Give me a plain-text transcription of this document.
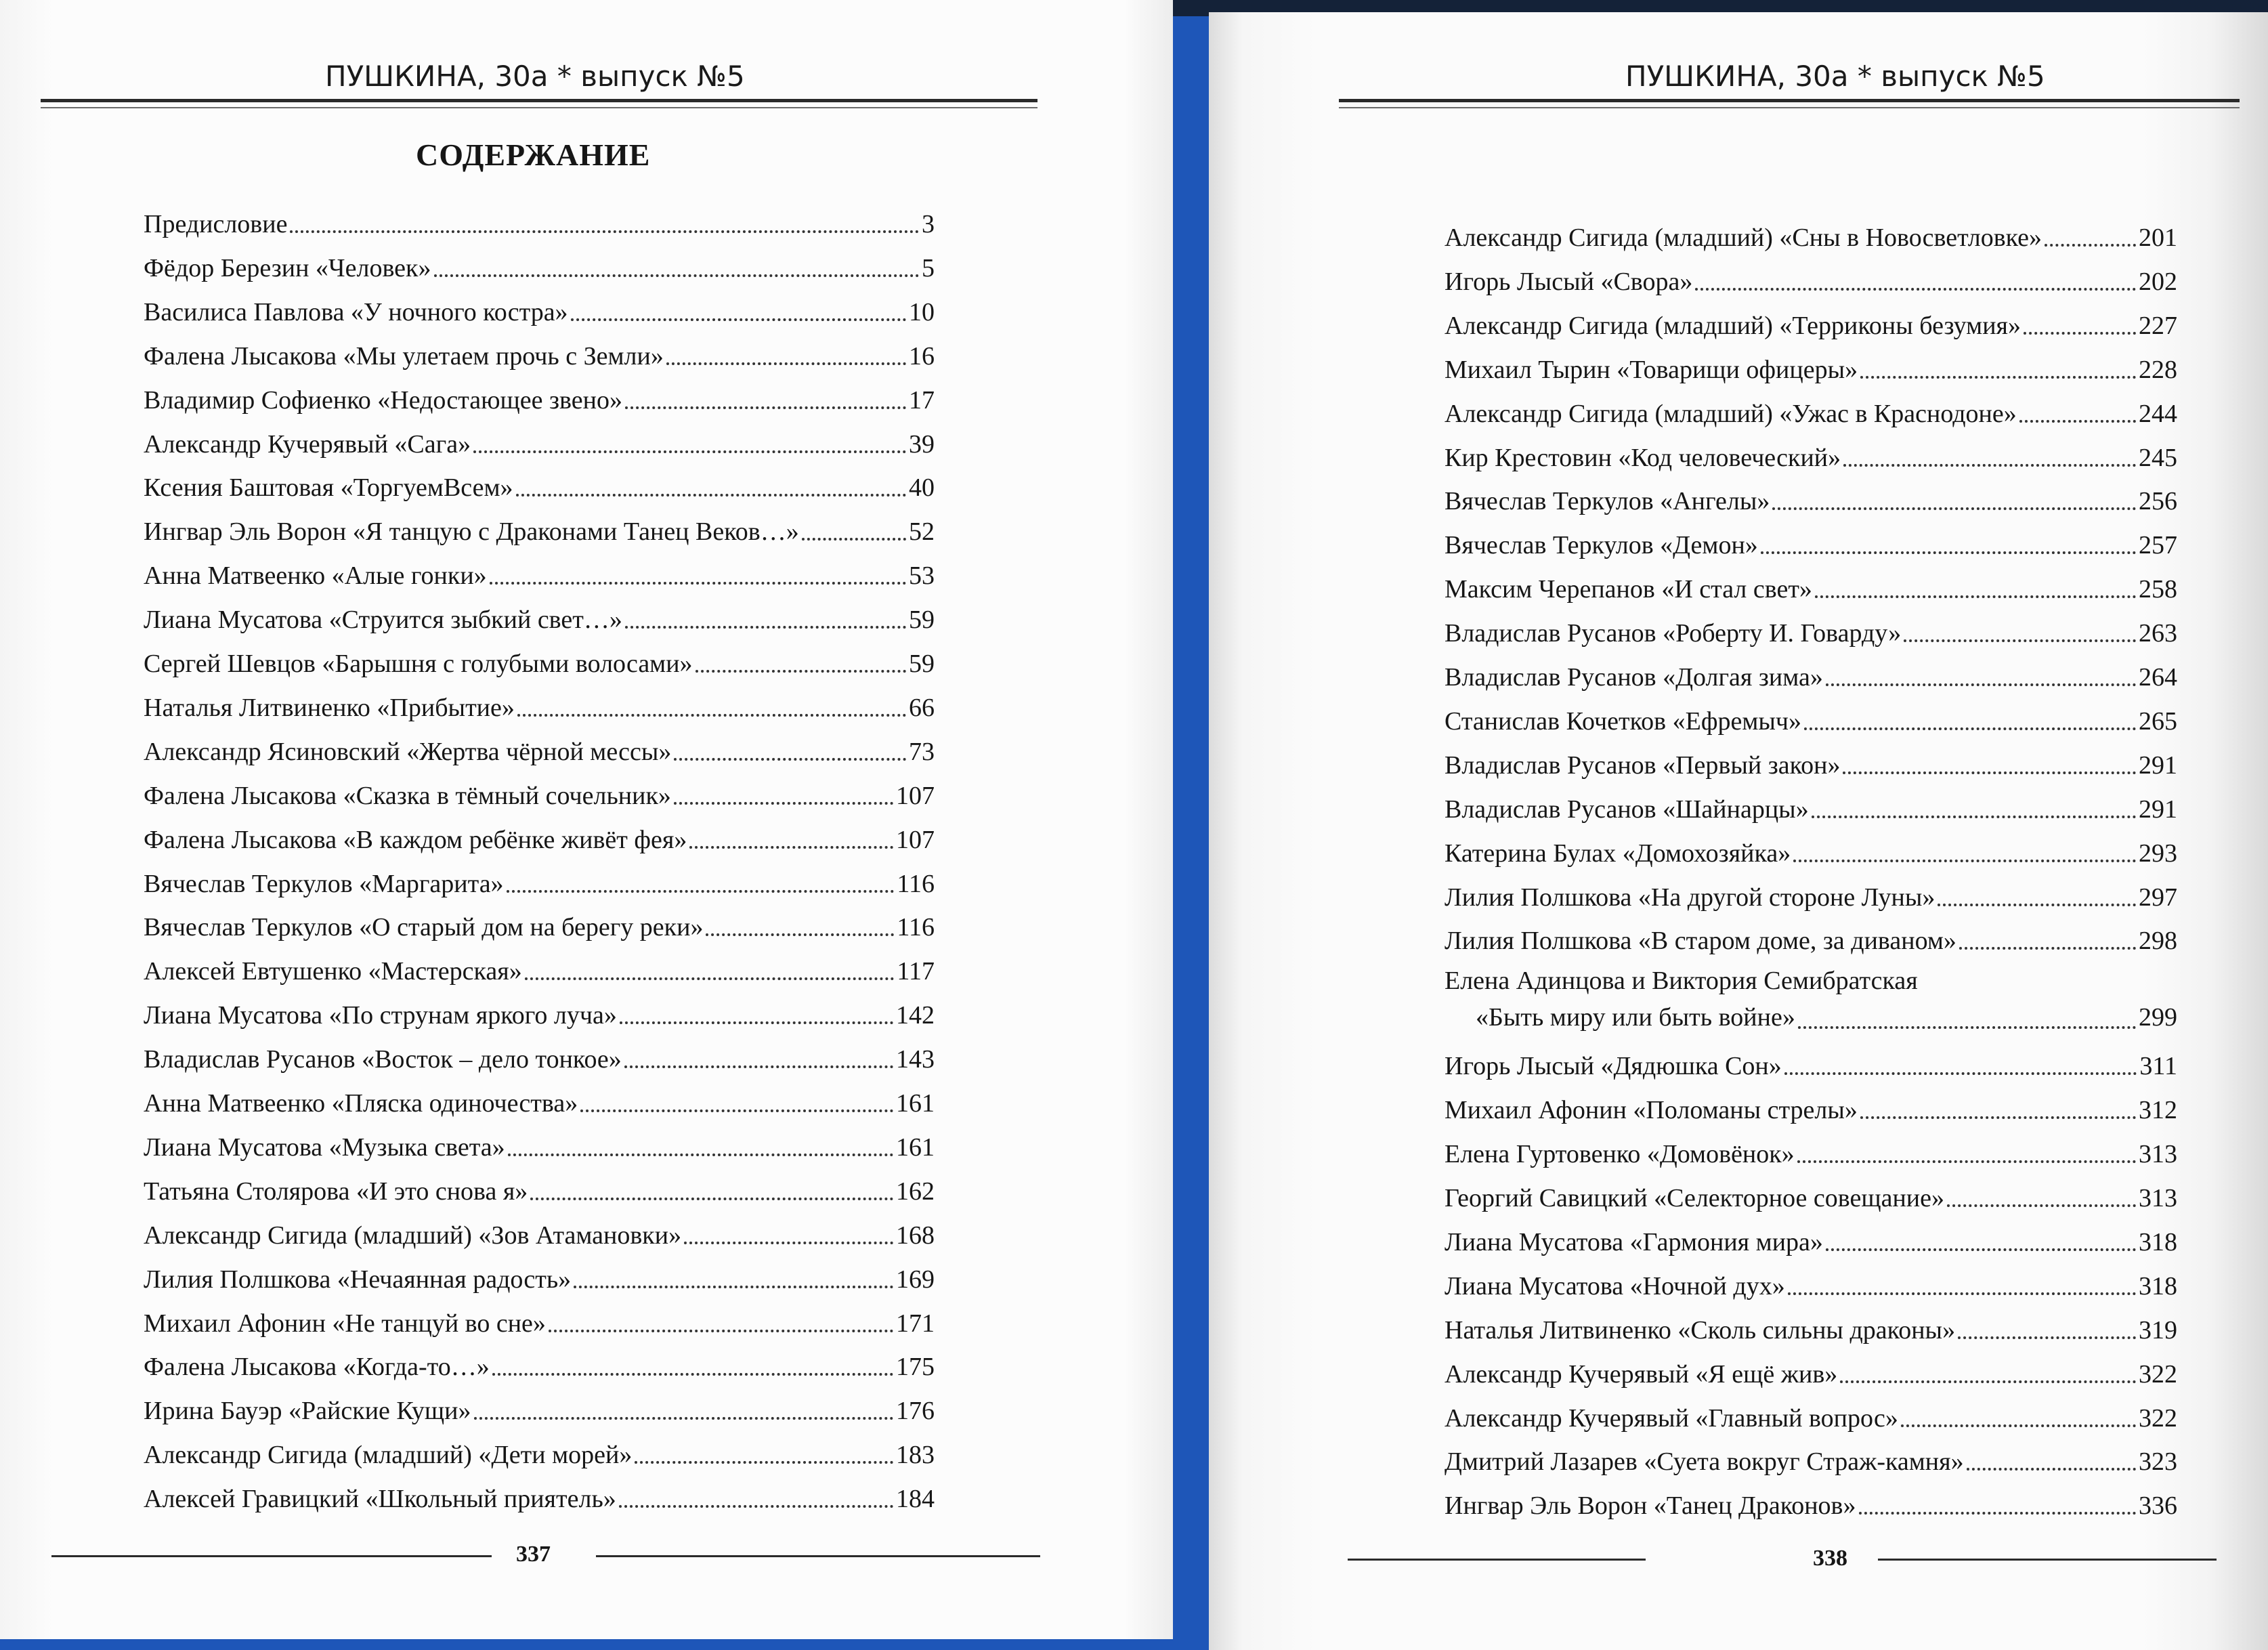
ПУШКИНА, 30а * выпуск №5
СОДЕРЖАНИЕ
Предисловие	3
Фёдор Березин «Человек»	5
Василиса Павлова «У ночного костра»	10
Фалена Лысакова «Мы улетаем прочь с Земли»	16
Владимир Софиенко «Недостающее звено»	17
Александр Кучерявый «Сага»	39
Ксения Баштовая «ТоргуемВсем»	40
Ингвар Эль Ворон «Я танцую с Драконами Танец Веков…»	52
Анна Матвеенко «Алые гонки»	53
Лиана Мусатова «Струится зыбкий свет…»	59
Сергей Шевцов «Барышня с голубыми волосами»	59
Наталья Литвиненко «Прибытие»	66
Александр Ясиновский «Жертва чёрной мессы»	73
Фалена Лысакова «Сказка в тёмный сочельник»	107
Фалена Лысакова «В каждом ребёнке живёт фея»	107
Вячеслав Теркулов «Маргарита»	116
Вячеслав Теркулов «О старый дом на берегу реки»	116
Алексей Евтушенко «Мастерская»	117
Лиана Мусатова «По струнам яркого луча»	142
Владислав Русанов «Восток – дело тонкое»	143
Анна Матвеенко «Пляска одиночества»	161
Лиана Мусатова «Музыка света»	161
Татьяна Столярова «И это снова я»	162
Александр Сигида (младший) «Зов Атамановки»	168
Лилия Полшкова «Нечаянная радость»	169
Михаил Афонин «Не танцуй во сне»	171
Фалена Лысакова «Когда-то…»	175
Ирина Бауэр «Райские Кущи»	176
Александр Сигида (младший) «Дети морей»	183
Алексей Гравицкий «Школьный приятель»	184
337
ПУШКИНА, 30а * выпуск №5
Александр Сигида (младший) «Сны в Новосветловке»	201
Игорь Лысый «Свора»	202
Александр Сигида (младший) «Терриконы безумия»	227
Михаил Тырин «Товарищи офицеры»	228
Александр Сигида (младший) «Ужас в Краснодоне»	244
Кир Крестовин «Код человеческий»	245
Вячеслав Теркулов «Ангелы»	256
Вячеслав Теркулов «Демон»	257
Максим Черепанов «И стал свет»	258
Владислав Русанов «Роберту И. Говарду»	263
Владислав Русанов «Долгая зима»	264
Станислав Кочетков «Ефремыч»	265
Владислав Русанов «Первый закон»	291
Владислав Русанов «Шайнарцы»	291
Катерина Булах «Домохозяйка»	293
Лилия Полшкова «На другой стороне Луны»	297
Лилия Полшкова «В старом доме, за диваном»	298
Елена Адинцова и Виктория Семибратская
«Быть миру или быть войне»	299
Игорь Лысый «Дядюшка Сон»	311
Михаил Афонин «Поломаны стрелы»	312
Елена Гуртовенко «Домовёнок»	313
Георгий Савицкий «Селекторное совещание»	313
Лиана Мусатова «Гармония мира»	318
Лиана Мусатова «Ночной дух»	318
Наталья Литвиненко «Сколь сильны драконы»	319
Александр Кучерявый «Я ещё жив»	322
Александр Кучерявый «Главный вопрос»	322
Дмитрий Лазарев «Суета вокруг Страж-камня»	323
Ингвар Эль Ворон «Танец Драконов»	336
338
